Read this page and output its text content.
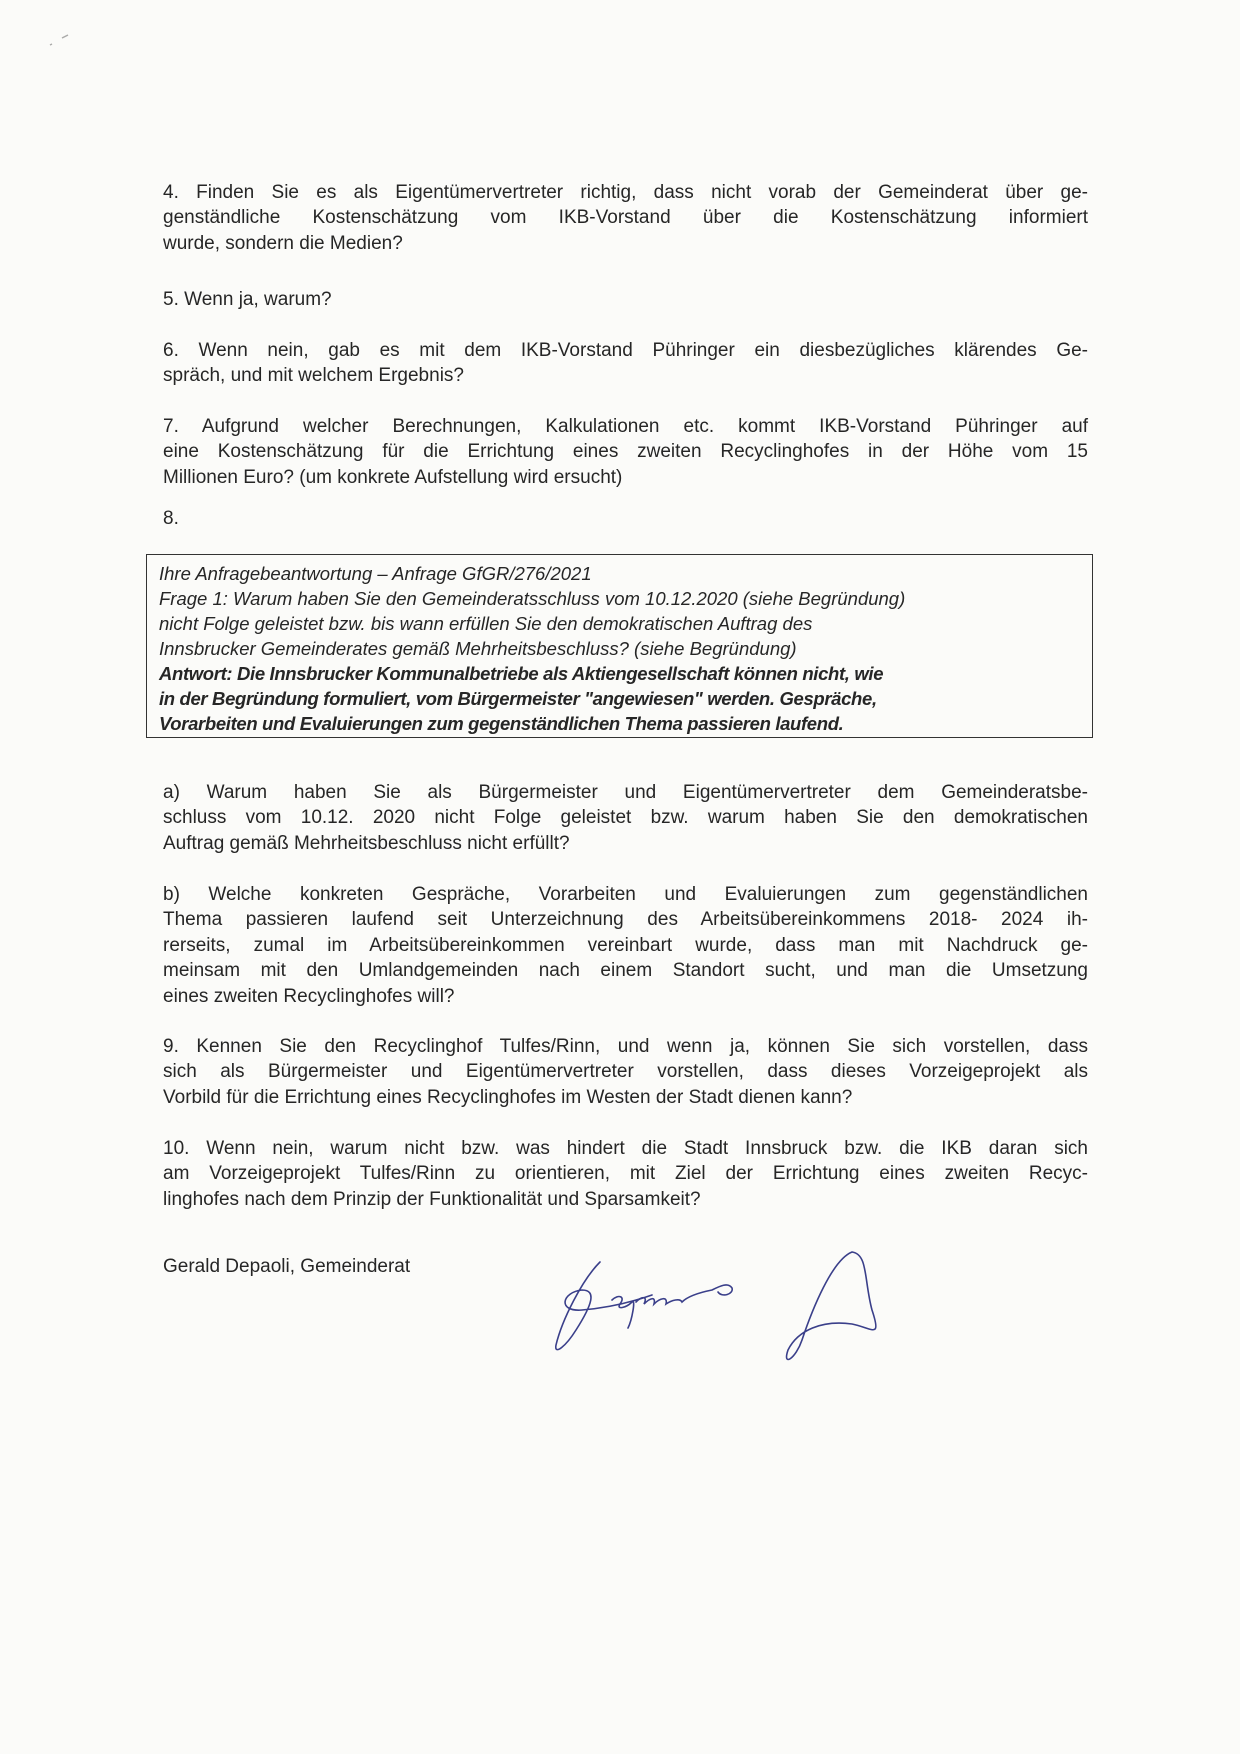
4. Finden Sie es als Eigentümervertreter richtig, dass nicht vorab der Gemeinderat über ge-
genständliche Kostenschätzung vom IKB-Vorstand über die Kostenschätzung informiert
wurde, sondern die Medien?
5. Wenn ja, warum?
6. Wenn nein, gab es mit dem IKB-Vorstand Pühringer ein diesbezügliches klärendes Ge-
spräch, und mit welchem Ergebnis?
7. Aufgrund welcher Berechnungen, Kalkulationen etc. kommt IKB-Vorstand Pühringer auf
eine Kostenschätzung für die Errichtung eines zweiten Recyclinghofes in der Höhe vom 15
Millionen Euro? (um konkrete Aufstellung wird ersucht)
8.
Ihre Anfragebeantwortung – Anfrage GfGR/276/2021
Frage 1: Warum haben Sie den Gemeinderatsschluss vom 10.12.2020 (siehe Begründung)
nicht Folge geleistet bzw. bis wann erfüllen Sie den demokratischen Auftrag des
Innsbrucker Gemeinderates gemäß Mehrheitsbeschluss? (siehe Begründung)
Antwort: Die Innsbrucker Kommunalbetriebe als Aktiengesellschaft können nicht, wie
in der Begründung formuliert, vom Bürgermeister "angewiesen" werden. Gespräche,
Vorarbeiten und Evaluierungen zum gegenständlichen Thema passieren laufend.
a) Warum haben Sie als Bürgermeister und Eigentümervertreter dem Gemeinderatsbe-
schluss vom 10.12. 2020 nicht Folge geleistet bzw. warum haben Sie den demokratischen
Auftrag gemäß Mehrheitsbeschluss nicht erfüllt?
b) Welche konkreten Gespräche, Vorarbeiten und Evaluierungen zum gegenständlichen
Thema passieren laufend seit Unterzeichnung des Arbeitsübereinkommens 2018- 2024 ih-
rerseits, zumal im Arbeitsübereinkommen vereinbart wurde, dass man mit Nachdruck ge-
meinsam mit den Umlandgemeinden nach einem Standort sucht, und man die Umsetzung
eines zweiten Recyclinghofes will?
9. Kennen Sie den Recyclinghof Tulfes/Rinn, und wenn ja, können Sie sich vorstellen, dass
sich als Bürgermeister und Eigentümervertreter vorstellen, dass dieses Vorzeigeprojekt als
Vorbild für die Errichtung eines Recyclinghofes im Westen der Stadt dienen kann?
10. Wenn nein, warum nicht bzw. was hindert die Stadt Innsbruck bzw. die IKB daran sich
am Vorzeigeprojekt Tulfes/Rinn zu orientieren, mit Ziel der Errichtung eines zweiten Recyc-
linghofes nach dem Prinzip der Funktionalität und Sparsamkeit?
Gerald Depaoli, Gemeinderat
